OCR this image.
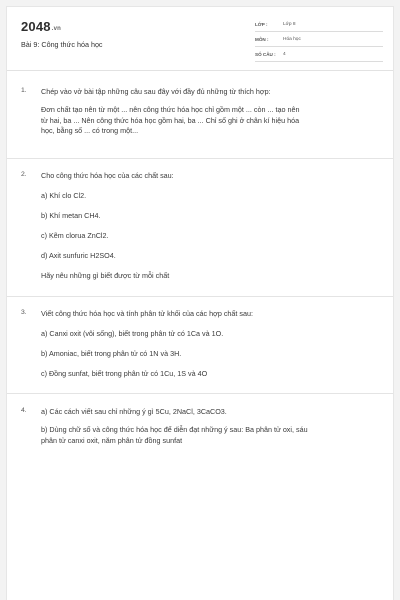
2048.vn
Bài 9: Công thức hóa học
LỚP :	Lớp 8
MÔN :	Hóa học
SỐ CÂU : 4
1. Chép vào vở bài tập những câu sau đây với đầy đủ những từ thích hợp:
Đơn chất tạo nên từ một ... nên công thức hóa học chỉ gồm một ... còn ... tạo nên
từ hai, ba ... Nên công thức hóa học gồm hai, ba ... Chỉ số ghi ở chân kí hiệu hóa
học, bằng số ... có trong một...
2. Cho công thức hóa học của các chất sau:
a) Khí clo Cl2.
b) Khí metan CH4.
c) Kẽm clorua ZnCl2.
d) Axit sunfuric H2SO4.
Hãy nêu những gì biết được từ mỗi chất
3. Viết công thức hóa học và tính phân tử khối của các hợp chất sau:
a) Canxi oxit (vôi sống), biết trong phân tử có 1Ca và 1O.
b) Amoniac, biết trong phân tử có 1N và 3H.
c) Đồng sunfat, biết trong phân tử có 1Cu, 1S và 4O
4. a) Các cách viết sau chỉ những ý gì 5Cu, 2NaCl, 3CaCO3.
b) Dùng chữ số và công thức hóa học để diễn đạt những ý sau: Ba phân tử oxi, sáu
phân tử canxi oxit, năm phân tử đồng sunfat
